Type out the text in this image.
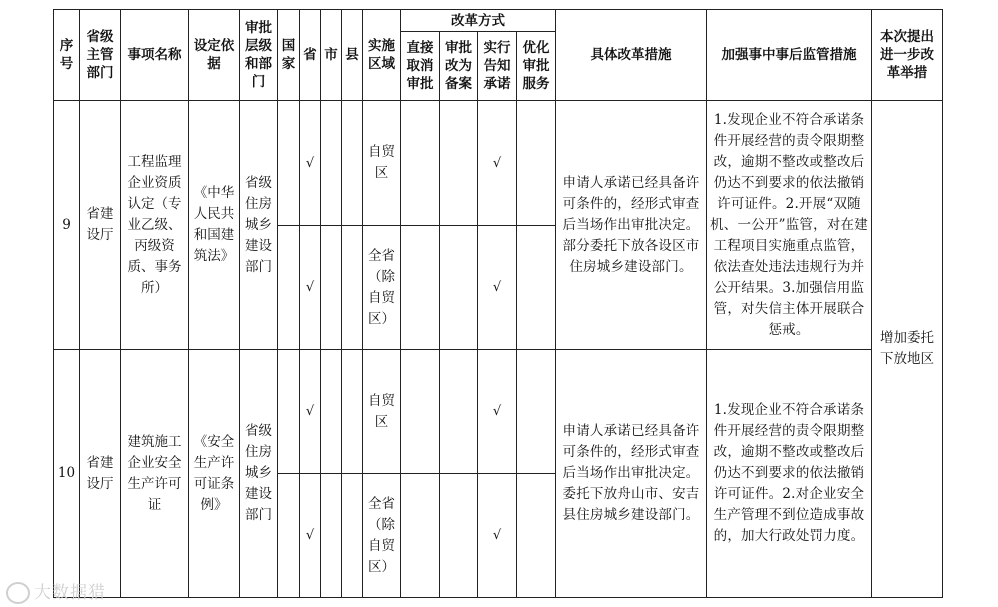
序号	省级主管部门	事项名称	设定依据	审批层级和部门	国家	省	市	县	实施区域	改革方式				具体改革措施	加强事中事后监管措施	本次提出进一步改革举措
										直接取消审批	审批改为备案	实行告知承诺	优化审批服务			
9	省建设厅	工程监理企业资质认定（专业乙级、丙级资质、事务所）	《中华人民共和国建筑法》	省级住房城乡建设部门		√			自贸区			√		申请人承诺已经具备许可条件的，经形式审查后当场作出审批决定。部分委托下放各设区市住房城乡建设部门。	1.发现企业不符合承诺条件开展经营的责令限期整改，逾期不整改或整改后仍达不到要求的依法撤销许可证件。2.开展“双随机、一公开”监管，对在建工程项目实施重点监管，依法查处违法违规行为并公开结果。3.加强信用监管，对失信主体开展联合惩戒。	增加委托下放地区
						√			全省（除自贸区）			√				
10	省建设厅	建筑施工企业安全生产许可证	《安全生产许可证条例》	省级住房城乡建设部门		√			自贸区			√		申请人承诺已经具备许可条件的，经形式审查后当场作出审批决定。委托下放舟山市、安吉县住房城乡建设部门。	1.发现企业不符合承诺条件开展经营的责令限期整改，逾期不整改或整改后仍达不到要求的依法撤销许可证件。2.对企业安全生产管理不到位造成事故的，加大行政处罚力度。	
						√			全省（除自贸区）			√				
大数据猎
